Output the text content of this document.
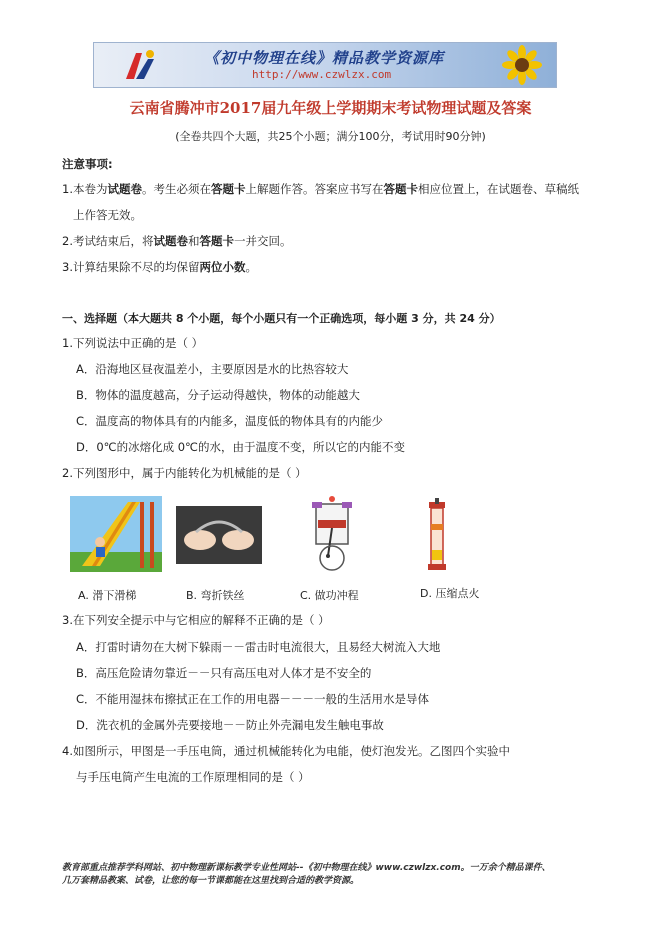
《初中物理在线》精品教学资源库
http://www.czwlzx.com
云南省腾冲市2017届九年级上学期期末考试物理试题及答案
(全卷共四个大题，共25个小题；满分100分，考试用时90分钟)
注意事项:
1.本卷为试题卷。考生必须在答题卡上解题作答。答案应书写在答题卡相应位置上，在试题卷、草稿纸
上作答无效。
2.考试结束后，将试题卷和答题卡一并交回。
3.计算结果除不尽的均保留两位小数。
一、选择题（本大题共 8 个小题，每个小题只有一个正确选项，每小题 3 分，共 24 分）
1.下列说法中正确的是（ ）
A．沿海地区昼夜温差小，主要原因是水的比热容较大
B．物体的温度越高，分子运动得越快，物体的动能越大
C．温度高的物体具有的内能多，温度低的物体具有的内能少
D．0℃的冰熔化成 0℃的水，由于温度不变，所以它的内能不变
2.下列图形中，属于内能转化为机械能的是（ ）
A. 滑下滑梯	B. 弯折铁丝	C. 做功冲程	D. 压缩点火
3.在下列安全提示中与它相应的解释不正确的是（ ）
A．打雷时请勿在大树下躲雨－－雷击时电流很大，且易经大树流入大地
B．高压危险请勿靠近－－只有高压电对人体才是不安全的
C．不能用湿抹布擦拭正在工作的用电器－－－一般的生活用水是导体
D．洗衣机的金属外壳要接地－－防止外壳漏电发生触电事故
4.如图所示，甲图是一手压电筒，通过机械能转化为电能，使灯泡发光。乙图四个实验中
与手压电筒产生电流的工作原理相同的是（ ）
教育部重点推荐学科网站、初中物理新课标教学专业性网站--《初中物理在线》www.czwlzx.com。一万余个精品课件、
几万套精品教案、试卷，让您的每一节课都能在这里找到合适的教学资源。
